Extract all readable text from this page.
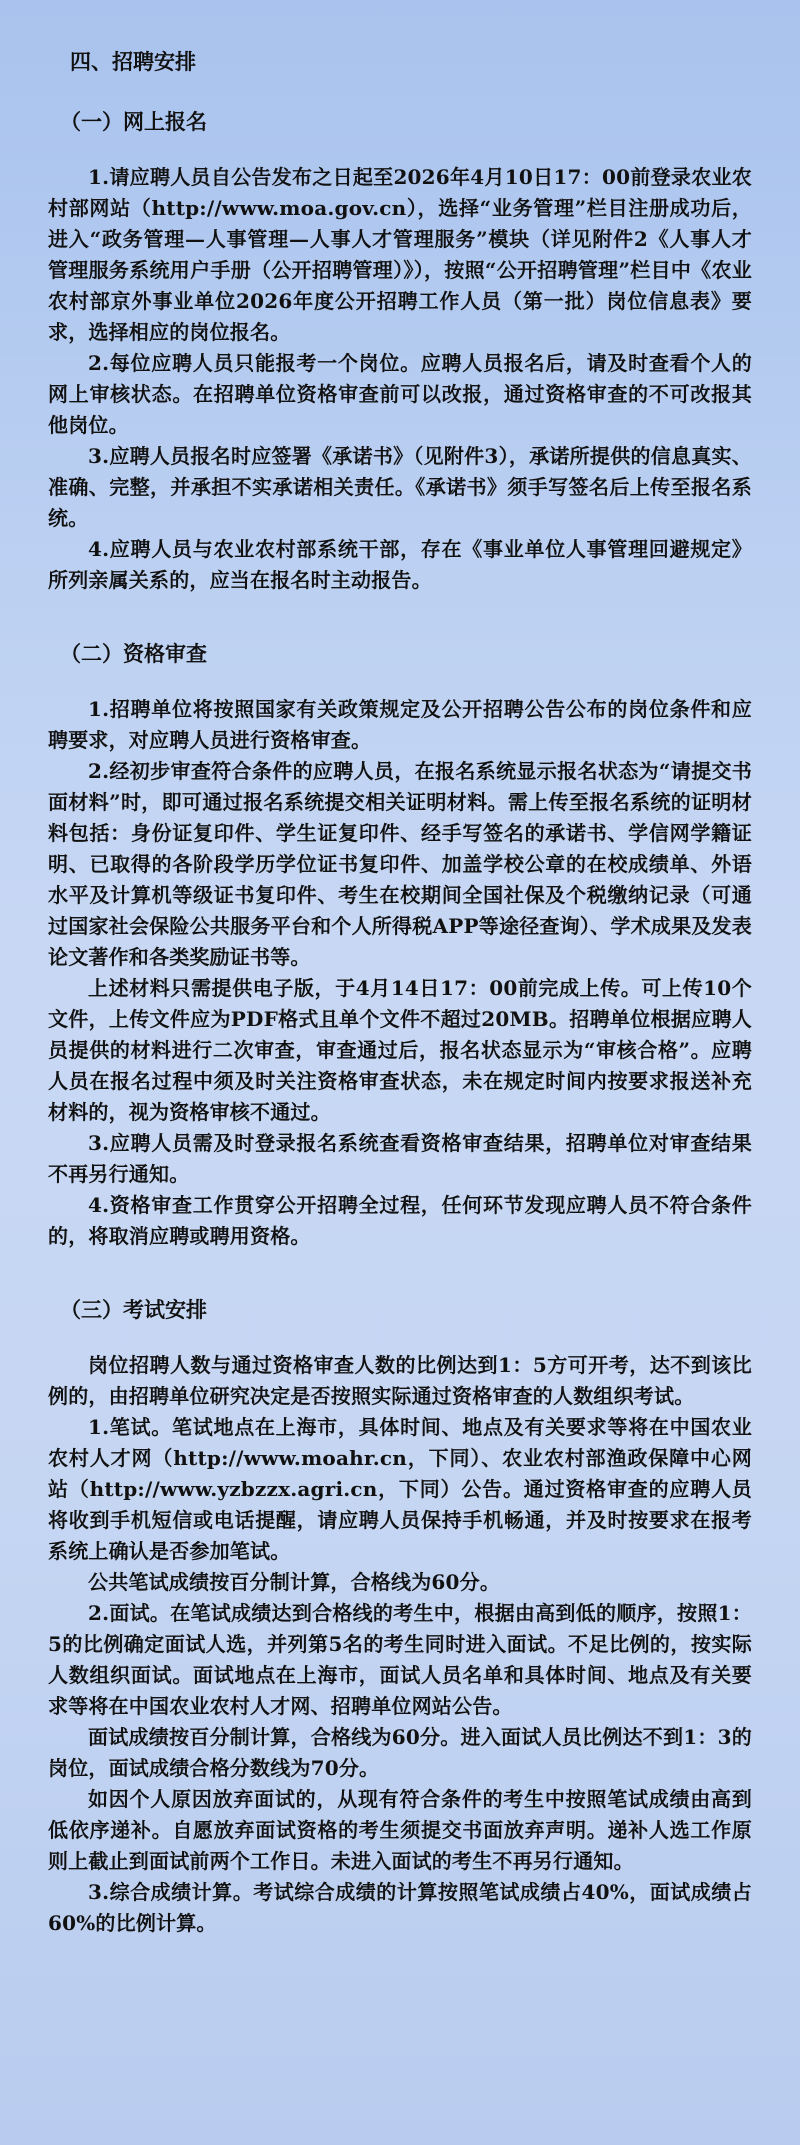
四、招聘安排
（一）网上报名

1.请应聘人员自公告发布之日起至2026年4月10日17：00前登录农业农村部网站（http://www.moa.gov.cn），选择“业务管理”栏目注册成功后，进入“政务管理—人事管理—人事人才管理服务”模块（详见附件2《人事人才管理服务系统用户手册（公开招聘管理）》），按照“公开招聘管理”栏目中《农业农村部京外事业单位2026年度公开招聘工作人员（第一批）岗位信息表》要求，选择相应的岗位报名。

2.每位应聘人员只能报考一个岗位。应聘人员报名后，请及时查看个人的网上审核状态。在招聘单位资格审查前可以改报，通过资格审查的不可改报其他岗位。

3.应聘人员报名时应签署《承诺书》（见附件3），承诺所提供的信息真实、准确、完整，并承担不实承诺相关责任。《承诺书》须手写签名后上传至报名系统。

4.应聘人员与农业农村部系统干部，存在《事业单位人事管理回避规定》所列亲属关系的，应当在报名时主动报告。

（二）资格审查

1.招聘单位将按照国家有关政策规定及公开招聘公告公布的岗位条件和应聘要求，对应聘人员进行资格审查。

2.经初步审查符合条件的应聘人员，在报名系统显示报名状态为“请提交书面材料”时，即可通过报名系统提交相关证明材料。需上传至报名系统的证明材料包括：身份证复印件、学生证复印件、经手写签名的承诺书、学信网学籍证明、已取得的各阶段学历学位证书复印件、加盖学校公章的在校成绩单、外语水平及计算机等级证书复印件、考生在校期间全国社保及个税缴纳记录（可通过国家社会保险公共服务平台和个人所得税APP等途径查询）、学术成果及发表论文著作和各类奖励证书等。

上述材料只需提供电子版，于4月14日17：00前完成上传。可上传10个文件，上传文件应为PDF格式且单个文件不超过20MB。招聘单位根据应聘人员提供的材料进行二次审查，审查通过后，报名状态显示为“审核合格”。应聘人员在报名过程中须及时关注资格审查状态，未在规定时间内按要求报送补充材料的，视为资格审核不通过。

3.应聘人员需及时登录报名系统查看资格审查结果，招聘单位对审查结果不再另行通知。

4.资格审查工作贯穿公开招聘全过程，任何环节发现应聘人员不符合条件的，将取消应聘或聘用资格。

（三）考试安排

岗位招聘人数与通过资格审查人数的比例达到1：5方可开考，达不到该比例的，由招聘单位研究决定是否按照实际通过资格审查的人数组织考试。

1.笔试。笔试地点在上海市，具体时间、地点及有关要求等将在中国农业农村人才网（http://www.moahr.cn，下同）、农业农村部渔政保障中心网站（http://www.yzbzzx.agri.cn，下同）公告。通过资格审查的应聘人员将收到手机短信或电话提醒，请应聘人员保持手机畅通，并及时按要求在报考系统上确认是否参加笔试。

公共笔试成绩按百分制计算，合格线为60分。

2.面试。在笔试成绩达到合格线的考生中，根据由高到低的顺序，按照1：5的比例确定面试人选，并列第5名的考生同时进入面试。不足比例的，按实际人数组织面试。面试地点在上海市，面试人员名单和具体时间、地点及有关要求等将在中国农业农村人才网、招聘单位网站公告。

面试成绩按百分制计算，合格线为60分。进入面试人员比例达不到1：3的岗位，面试成绩合格分数线为70分。

如因个人原因放弃面试的，从现有符合条件的考生中按照笔试成绩由高到低依序递补。自愿放弃面试资格的考生须提交书面放弃声明。递补人选工作原则上截止到面试前两个工作日。未进入面试的考生不再另行通知。

3.综合成绩计算。考试综合成绩的计算按照笔试成绩占40%，面试成绩占60%的比例计算。
